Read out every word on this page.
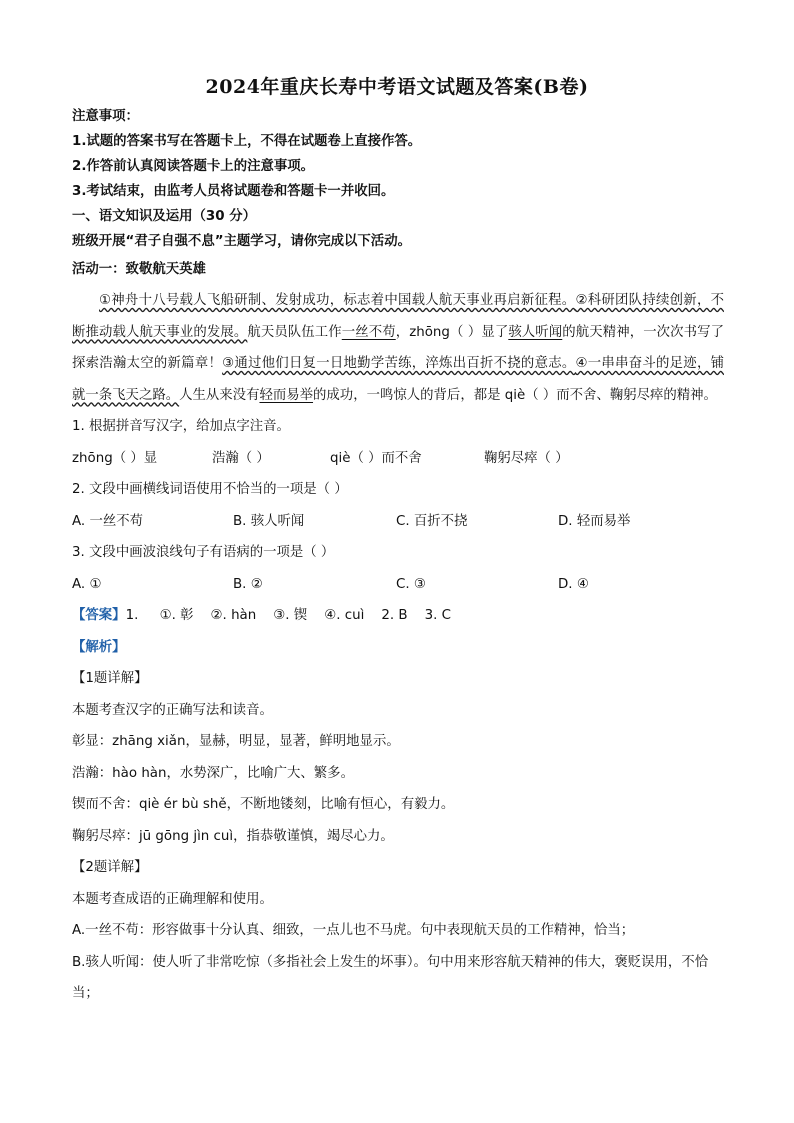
2024年重庆长寿中考语文试题及答案(B卷)
注意事项：
1.试题的答案书写在答题卡上，不得在试题卷上直接作答。
2.作答前认真阅读答题卡上的注意事项。
3.考试结束，由监考人员将试题卷和答题卡一并收回。
一、语文知识及运用（30 分）
班级开展“君子自强不息”主题学习，请你完成以下活动。
活动一：致敬航天英雄
①神舟十八号载人飞船研制、发射成功，标志着中国载人航天事业再启新征程。②科研团队持续创新，不断推动载人航天事业的发展。航天员队伍工作一丝不苟，zhōng（ ）显了骇人听闻的航天精神，一次次书写了探索浩瀚太空的新篇章！③通过他们日复一日地勤学苦练，淬炼出百折不挠的意志。④一串串奋斗的足迹，铺就一条飞天之路。人生从来没有轻而易举的成功，一鸣惊人的背后，都是 qiè（ ）而不舍、鞠躬尽瘁的精神。
1. 根据拼音写汉字，给加点字注音。
zhōng（ ）显	浩瀚（ ）	qiè（ ）而不舍	鞠躬尽瘁（ ）
2. 文段中画横线词语使用不恰当的一项是（ ）
A. 一丝不苟	B. 骇人听闻	C. 百折不挠	D. 轻而易举
3. 文段中画波浪线句子有语病的一项是（ ）
A. ①	B. ②	C. ③	D. ④
【答案】1.     ①. 彰    ②. hàn    ③. 锲    ④. cuì    2. B    3. C
【解析】
【1题详解】
本题考查汉字的正确写法和读音。
彰显：zhāng xiǎn，显赫，明显，显著，鲜明地显示。
浩瀚：hào hàn，水势深广，比喻广大、繁多。
锲而不舍：qiè ér bù shě，不断地镂刻，比喻有恒心，有毅力。
鞠躬尽瘁：jū gōng jìn cuì，指恭敬谨慎，竭尽心力。
【2题详解】
本题考查成语的正确理解和使用。
A.一丝不苟：形容做事十分认真、细致，一点儿也不马虎。句中表现航天员的工作精神，恰当；
B.骇人听闻：使人听了非常吃惊（多指社会上发生的坏事）。句中用来形容航天精神的伟大，褒贬误用，不恰当；
